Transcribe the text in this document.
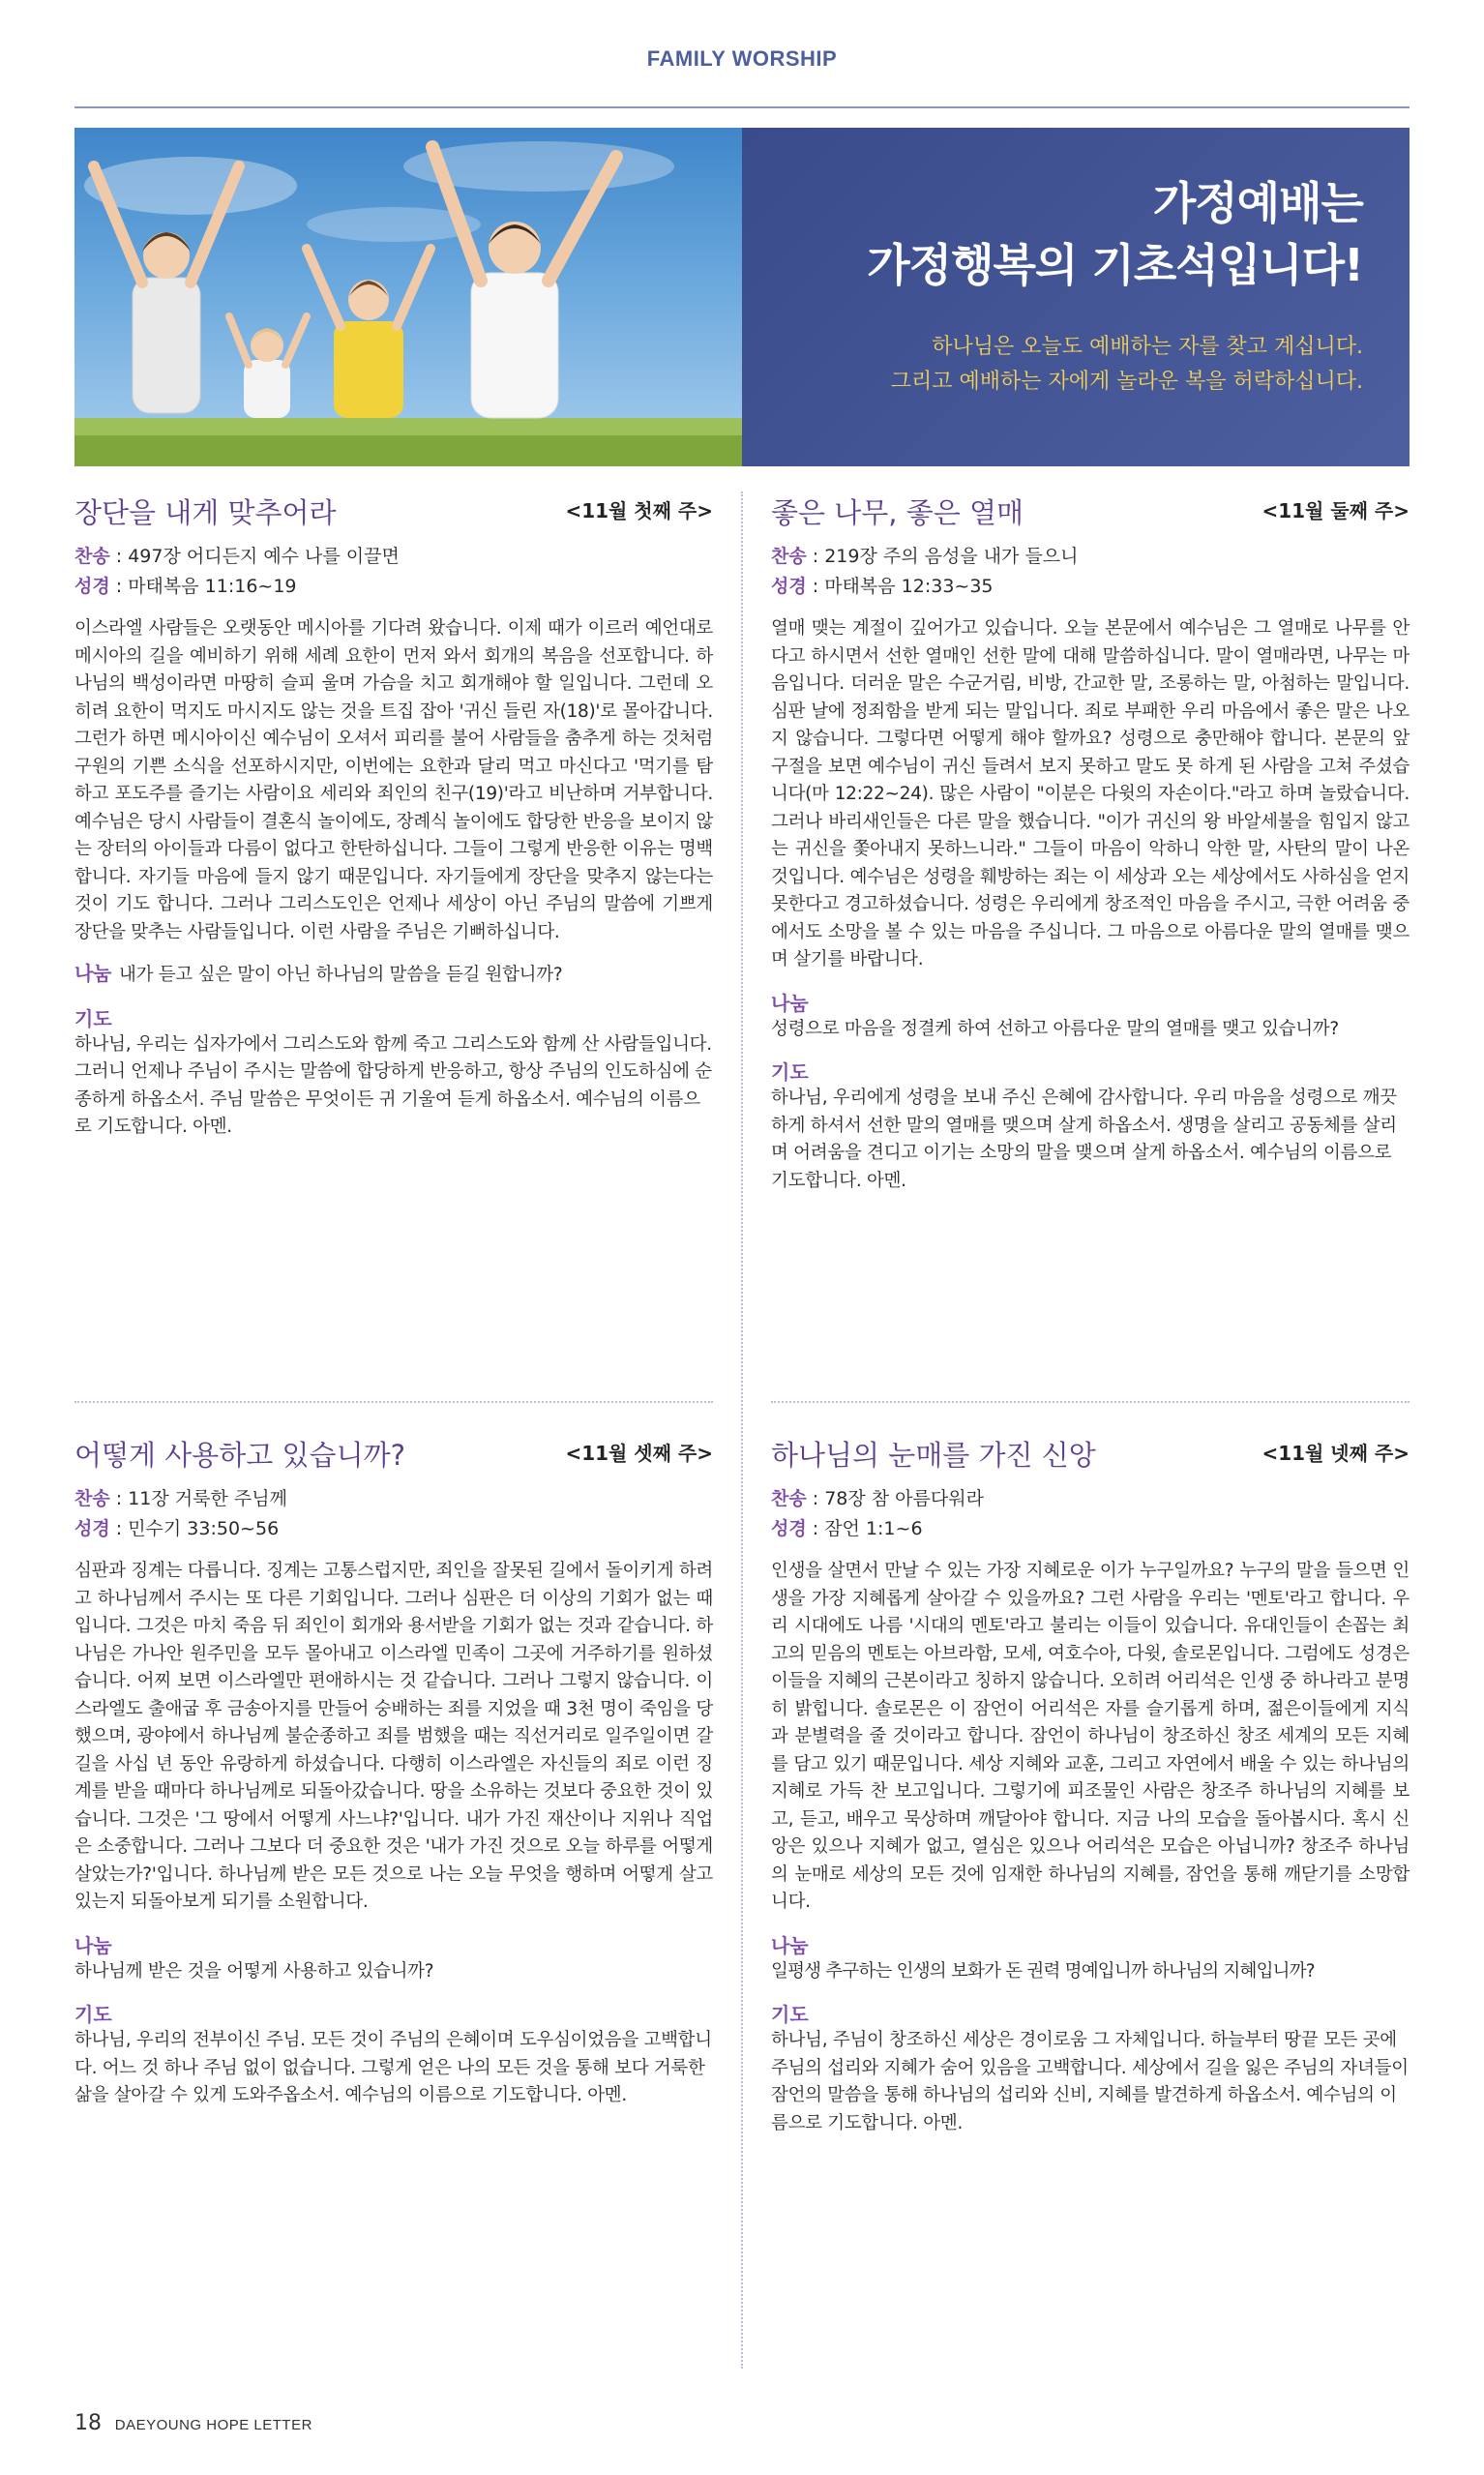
FAMILY WORSHIP
가정예배는
가정행복의 기초석입니다!
하나님은 오늘도 예배하는 자를 찾고 계십니다.
그리고 예배하는 자에게 놀라운 복을 허락하십니다.
장단을 내게 맞추어라	<11월 첫째 주>
찬송 : 497장 어디든지 예수 나를 이끌면
성경 : 마태복음 11:16~19
이스라엘 사람들은 오랫동안 메시아를 기다려 왔습니다. 이제 때가 이르러 예언대로 메시아의 길을 예비하기 위해 세례 요한이 먼저 와서 회개의 복음을 선포합니다. 하나님의 백성이라면 마땅히 슬피 울며 가슴을 치고 회개해야 할 일입니다. 그런데 오히려 요한이 먹지도 마시지도 않는 것을 트집 잡아 '귀신 들린 자(18)'로 몰아갑니다. 그런가 하면 메시아이신 예수님이 오셔서 피리를 불어 사람들을 춤추게 하는 것처럼 구원의 기쁜 소식을 선포하시지만, 이번에는 요한과 달리 먹고 마신다고 '먹기를 탐하고 포도주를 즐기는 사람이요 세리와 죄인의 친구(19)'라고 비난하며 거부합니다. 예수님은 당시 사람들이 결혼식 놀이에도, 장례식 놀이에도 합당한 반응을 보이지 않는 장터의 아이들과 다름이 없다고 한탄하십니다. 그들이 그렇게 반응한 이유는 명백합니다. 자기들 마음에 들지 않기 때문입니다. 자기들에게 장단을 맞추지 않는다는 것이 기도 합니다. 그러나 그리스도인은 언제나 세상이 아닌 주님의 말씀에 기쁘게 장단을 맞추는 사람들입니다. 이런 사람을 주님은 기뻐하십니다.
나눔 내가 듣고 싶은 말이 아닌 하나님의 말씀을 듣길 원합니까?
기도
하나님, 우리는 십자가에서 그리스도와 함께 죽고 그리스도와 함께 산 사람들입니다. 그러니 언제나 주님이 주시는 말씀에 합당하게 반응하고, 항상 주님의 인도하심에 순종하게 하옵소서. 주님 말씀은 무엇이든 귀 기울여 듣게 하옵소서. 예수님의 이름으로 기도합니다. 아멘.
좋은 나무, 좋은 열매	<11월 둘째 주>
찬송 : 219장 주의 음성을 내가 들으니
성경 : 마태복음 12:33~35
열매 맺는 계절이 깊어가고 있습니다. 오늘 본문에서 예수님은 그 열매로 나무를 안다고 하시면서 선한 열매인 선한 말에 대해 말씀하십니다. 말이 열매라면, 나무는 마음입니다. 더러운 말은 수군거림, 비방, 간교한 말, 조롱하는 말, 아첨하는 말입니다. 심판 날에 정죄함을 받게 되는 말입니다. 죄로 부패한 우리 마음에서 좋은 말은 나오지 않습니다. 그렇다면 어떻게 해야 할까요? 성령으로 충만해야 합니다. 본문의 앞 구절을 보면 예수님이 귀신 들려서 보지 못하고 말도 못 하게 된 사람을 고쳐 주셨습니다(마 12:22~24). 많은 사람이 "이분은 다윗의 자손이다."라고 하며 놀랐습니다. 그러나 바리새인들은 다른 말을 했습니다. "이가 귀신의 왕 바알세불을 힘입지 않고는 귀신을 쫓아내지 못하느니라." 그들이 마음이 악하니 악한 말, 사탄의 말이 나온 것입니다. 예수님은 성령을 훼방하는 죄는 이 세상과 오는 세상에서도 사하심을 얻지 못한다고 경고하셨습니다. 성령은 우리에게 창조적인 마음을 주시고, 극한 어려움 중에서도 소망을 볼 수 있는 마음을 주십니다. 그 마음으로 아름다운 말의 열매를 맺으며 살기를 바랍니다.
나눔
성령으로 마음을 정결케 하여 선하고 아름다운 말의 열매를 맺고 있습니까?
기도
하나님, 우리에게 성령을 보내 주신 은혜에 감사합니다. 우리 마음을 성령으로 깨끗하게 하셔서 선한 말의 열매를 맺으며 살게 하옵소서. 생명을 살리고 공동체를 살리며 어려움을 견디고 이기는 소망의 말을 맺으며 살게 하옵소서. 예수님의 이름으로 기도합니다. 아멘.
어떻게 사용하고 있습니까?	<11월 셋째 주>
찬송 : 11장 거룩한 주님께
성경 : 민수기 33:50~56
심판과 징계는 다릅니다. 징계는 고통스럽지만, 죄인을 잘못된 길에서 돌이키게 하려고 하나님께서 주시는 또 다른 기회입니다. 그러나 심판은 더 이상의 기회가 없는 때입니다. 그것은 마치 죽음 뒤 죄인이 회개와 용서받을 기회가 없는 것과 같습니다. 하나님은 가나안 원주민을 모두 몰아내고 이스라엘 민족이 그곳에 거주하기를 원하셨습니다. 어찌 보면 이스라엘만 편애하시는 것 같습니다. 그러나 그렇지 않습니다. 이스라엘도 출애굽 후 금송아지를 만들어 숭배하는 죄를 지었을 때 3천 명이 죽임을 당했으며, 광야에서 하나님께 불순종하고 죄를 범했을 때는 직선거리로 일주일이면 갈 길을 사십 년 동안 유랑하게 하셨습니다. 다행히 이스라엘은 자신들의 죄로 이런 징계를 받을 때마다 하나님께로 되돌아갔습니다. 땅을 소유하는 것보다 중요한 것이 있습니다. 그것은 '그 땅에서 어떻게 사느냐?'입니다. 내가 가진 재산이나 지위나 직업은 소중합니다. 그러나 그보다 더 중요한 것은 '내가 가진 것으로 오늘 하루를 어떻게 살았는가?'입니다. 하나님께 받은 모든 것으로 나는 오늘 무엇을 행하며 어떻게 살고 있는지 되돌아보게 되기를 소원합니다.
나눔
하나님께 받은 것을 어떻게 사용하고 있습니까?
기도
하나님, 우리의 전부이신 주님. 모든 것이 주님의 은혜이며 도우심이었음을 고백합니다. 어느 것 하나 주님 없이 없습니다. 그렇게 얻은 나의 모든 것을 통해 보다 거룩한 삶을 살아갈 수 있게 도와주옵소서. 예수님의 이름으로 기도합니다. 아멘.
하나님의 눈매를 가진 신앙	<11월 넷째 주>
찬송 : 78장 참 아름다워라
성경 : 잠언 1:1~6
인생을 살면서 만날 수 있는 가장 지혜로운 이가 누구일까요? 누구의 말을 들으면 인생을 가장 지혜롭게 살아갈 수 있을까요? 그런 사람을 우리는 '멘토'라고 합니다. 우리 시대에도 나름 '시대의 멘토'라고 불리는 이들이 있습니다. 유대인들이 손꼽는 최고의 믿음의 멘토는 아브라함, 모세, 여호수아, 다윗, 솔로몬입니다. 그럼에도 성경은 이들을 지혜의 근본이라고 칭하지 않습니다. 오히려 어리석은 인생 중 하나라고 분명히 밝힙니다. 솔로몬은 이 잠언이 어리석은 자를 슬기롭게 하며, 젊은이들에게 지식과 분별력을 줄 것이라고 합니다. 잠언이 하나님이 창조하신 창조 세계의 모든 지혜를 담고 있기 때문입니다. 세상 지혜와 교훈, 그리고 자연에서 배울 수 있는 하나님의 지혜로 가득 찬 보고입니다. 그렇기에 피조물인 사람은 창조주 하나님의 지혜를 보고, 듣고, 배우고 묵상하며 깨달아야 합니다. 지금 나의 모습을 돌아봅시다. 혹시 신앙은 있으나 지혜가 없고, 열심은 있으나 어리석은 모습은 아닙니까? 창조주 하나님의 눈매로 세상의 모든 것에 임재한 하나님의 지혜를, 잠언을 통해 깨닫기를 소망합니다.
나눔
일평생 추구하는 인생의 보화가 돈 권력 명예입니까 하나님의 지혜입니까?
기도
하나님, 주님이 창조하신 세상은 경이로움 그 자체입니다. 하늘부터 땅끝 모든 곳에 주님의 섭리와 지혜가 숨어 있음을 고백합니다. 세상에서 길을 잃은 주님의 자녀들이 잠언의 말씀을 통해 하나님의 섭리와 신비, 지혜를 발견하게 하옵소서. 예수님의 이름으로 기도합니다. 아멘.
18 DAEYOUNG HOPE LETTER
